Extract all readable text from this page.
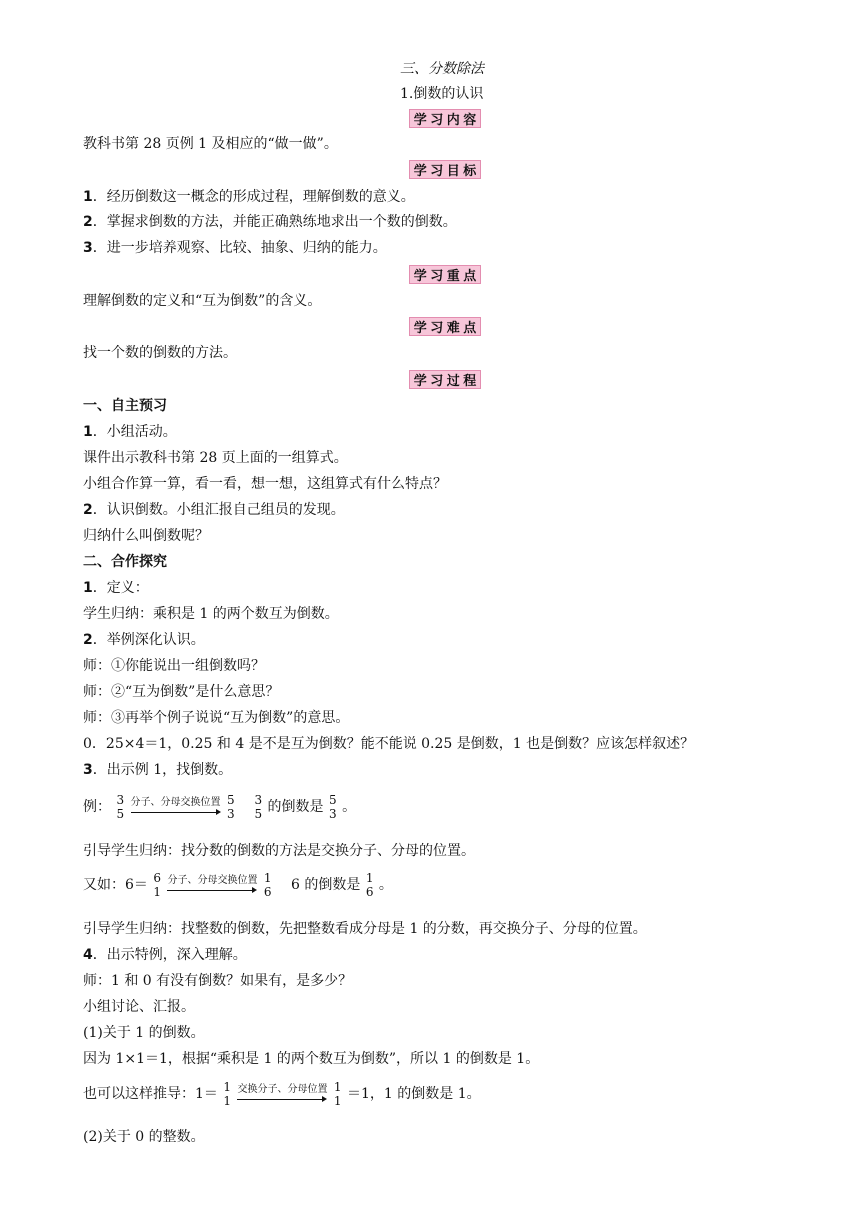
三、分数除法
1.倒数的认识
学 习 内 容
教科书第 28 页例 1 及相应的“做一做”。
学 习 目 标
1．经历倒数这一概念的形成过程，理解倒数的意义。
2．掌握求倒数的方法，并能正确熟练地求出一个数的倒数。
3．进一步培养观察、比较、抽象、归纳的能力。
学 习 重 点
理解倒数的定义和“互为倒数”的含义。
学 习 难 点
找一个数的倒数的方法。
学 习 过 程
一、自主预习
1．小组活动。
课件出示教科书第 28 页上面的一组算式。
小组合作算一算，看一看，想一想，这组算式有什么特点？
2．认识倒数。小组汇报自己组员的发现。
归纳什么叫倒数呢？
二、合作探究
1．定义：
学生归纳：乘积是 1 的两个数互为倒数。
2．举例深化认识。
师：①你能说出一组倒数吗？
师：②“互为倒数”是什么意思？
师：③再举个例子说说“互为倒数”的意思。
0．25×4＝1，0.25 和 4 是不是互为倒数？能不能说 0.25 是倒数，1 也是倒数？应该怎样叙述？
3．出示例 1，找倒数。
例： 3
5

分子、分母交换位置
5
3

3
5 的倒数是 5
3 。
引导学生归纳：找分数的倒数的方法是交换分子、分母的位置。
又如：6＝ 6
1

分子、分母交换位置
1
6 　6 的倒数是 1
6 。
引导学生归纳：找整数的倒数，先把整数看成分母是 1 的分数，再交换分子、分母的位置。
4．出示特例，深入理解。
师：1 和 0 有没有倒数？如果有，是多少？
小组讨论、汇报。
(1)关于 1 的倒数。
因为 1×1＝1，根据“乘积是 1 的两个数互为倒数”，所以 1 的倒数是 1。
也可以这样推导：1＝ 1
1

交换分子、分母位置
1
1 ＝1，1 的倒数是 1。
(2)关于 0 的整数。
